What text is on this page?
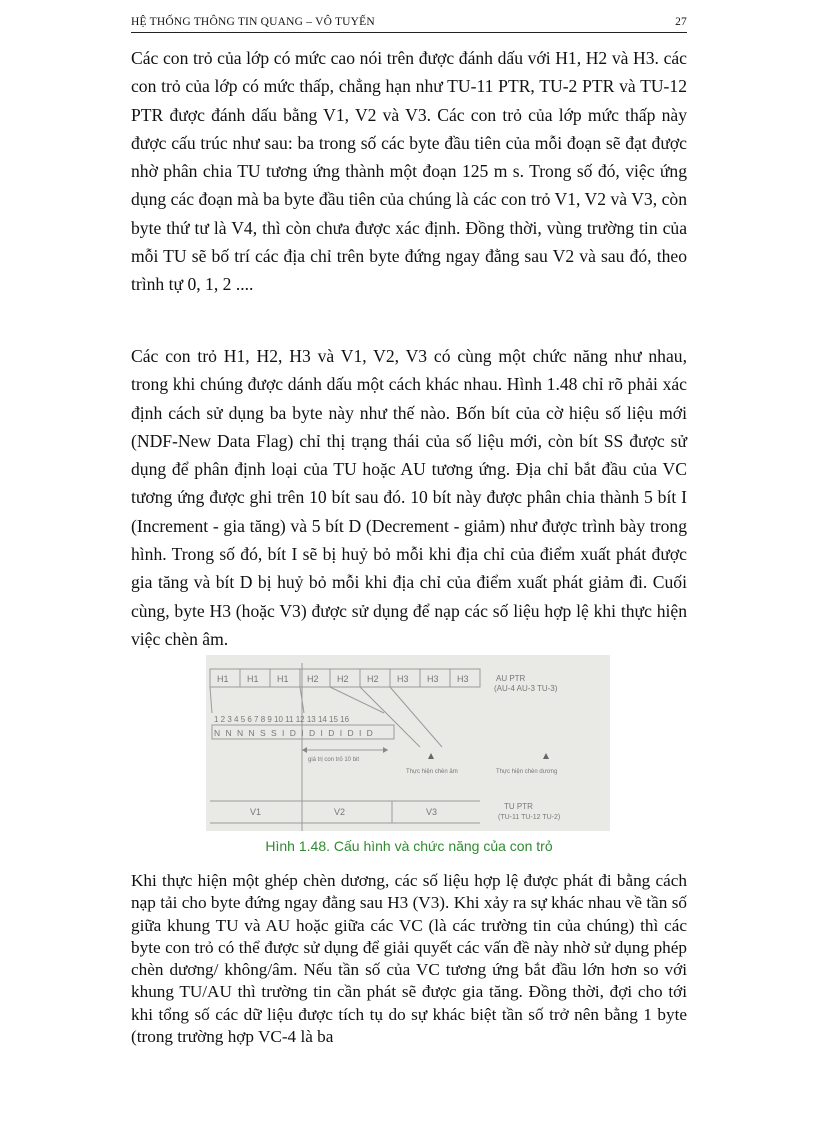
HỆ THỐNG THÔNG TIN QUANG – VÔ TUYẾN	27

Các con trỏ của lớp có mức cao nói trên được đánh dấu với H1, H2 và H3. các con trỏ của lớp có mức thấp, chẳng hạn như TU-11 PTR, TU-2 PTR và TU-12 PTR được đánh dấu bằng V1, V2 và V3. Các con trỏ của lớp mức thấp này được cấu trúc như sau: ba trong số các byte đầu tiên của mỗi đoạn sẽ đạt được nhờ phân chia TU tương ứng thành một đoạn 125 m s. Trong số đó, việc ứng dụng các đoạn mà ba byte đầu tiên của chúng là các con trỏ V1, V2 và V3, còn byte thứ tư là V4, thì còn chưa được xác định. Đồng thời, vùng trường tin của mỗi TU sẽ bố trí các địa chỉ trên byte đứng ngay đằng sau V2 và sau đó, theo trình tự 0, 1, 2 ....

Các con trỏ H1, H2, H3 và V1, V2, V3 có cùng một chức năng như nhau, trong khi chúng được dánh dấu một cách khác nhau. Hình 1.48 chỉ rõ phải xác định cách sử dụng ba byte này như thế nào. Bốn bít của cờ hiệu số liệu mới (NDF-New Data Flag) chỉ thị trạng thái của số liệu mới, còn bít SS được sử dụng để phân định loại của TU hoặc AU tương ứng. Địa chỉ bắt đầu của VC tương ứng được ghi trên 10 bít sau đó. 10 bít này được phân chia thành 5 bít I (Increment - gia tăng) và 5 bít D (Decrement - giảm) như được trình bày trong hình. Trong số đó, bít I sẽ bị huỷ bỏ mỗi khi địa chỉ của điểm xuất phát được gia tăng và bít D bị huỷ bỏ mỗi khi địa chỉ của điểm xuất phát giảm đi. Cuối cùng, byte H3 (hoặc V3) được sử dụng để nạp các số liệu hợp lệ khi thực hiện việc chèn âm.

H1 H1 H1 H2 H2 H2 H3 H3 H3	AU PTR
(AU-4 AU-3 TU-3)
1 2 3 4 5 6 7 8 9 10 11 12 13 14 15 16
N N N N S S I D I D I D I D I D
giá trị con trỏ 10 bit
Thực hiện chèn âm	Thực hiện chèn dương
V1	V2	V3
TU PTR
(TU-11 TU-12 TU-2)
Hình 1.48. Cấu hình và chức năng của con trỏ

Khi thực hiện một ghép chèn dương, các số liệu hợp lệ được phát đi bằng cách nạp tải cho byte đứng ngay đằng sau H3 (V3). Khi xảy ra sự khác nhau về tần số giữa khung TU và AU hoặc giữa các VC (là các trường tin của chúng) thì các byte con trỏ có thể được sử dụng để giải quyết các vấn đề này nhờ sử dụng phép chèn dương/ không/âm. Nếu tần số của VC tương ứng bắt đầu lớn hơn so với khung TU/AU thì trường tin cần phát sẽ được gia tăng. Đồng thời, đợi cho tới khi tổng số các dữ liệu được tích tụ do sự khác biệt tần số trở nên bằng 1 byte (trong trường hợp VC-4 là ba
